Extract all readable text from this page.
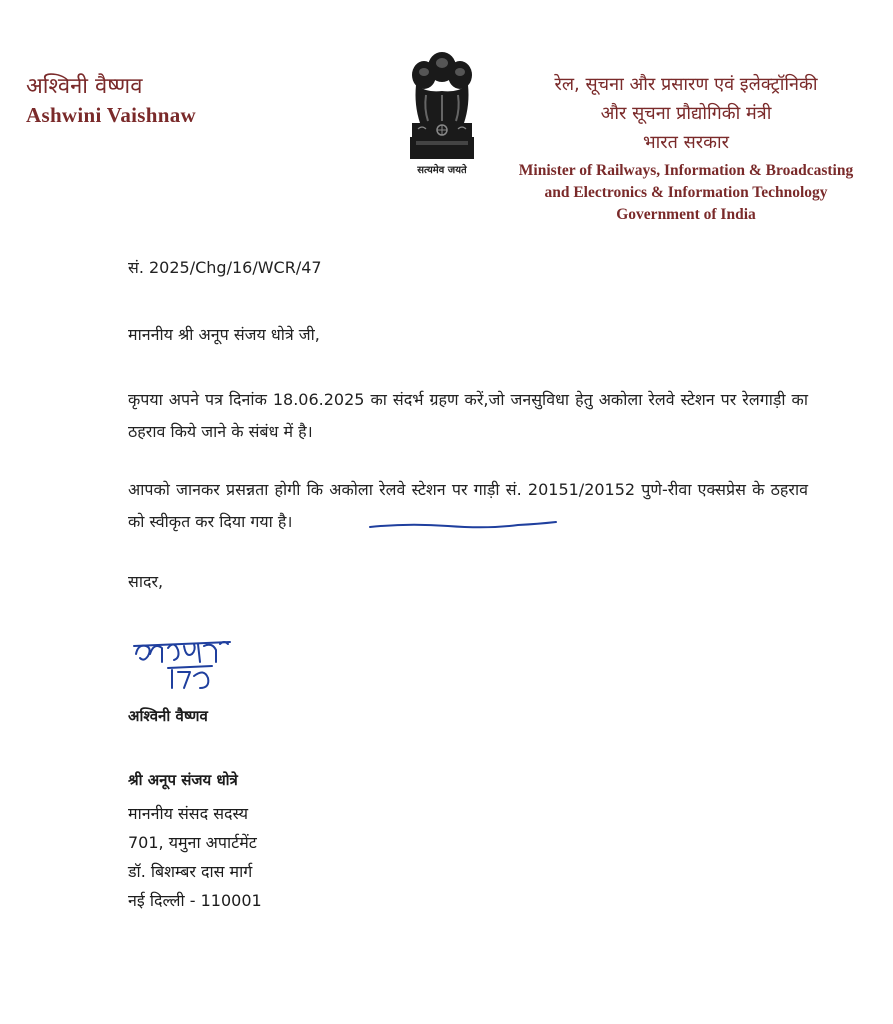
अश्विनी वैष्णव
Ashwini Vaishnaw
सत्यमेव जयते
रेल, सूचना और प्रसारण एवं इलेक्ट्रॉनिकी
और सूचना प्रौद्योगिकी मंत्री
भारत सरकार
Minister of Railways, Information & Broadcasting
and Electronics & Information Technology
Government of India
सं. 2025/Chg/16/WCR/47
माननीय श्री अनूप संजय धोत्रे जी,
कृपया अपने पत्र दिनांक 18.06.2025 का संदर्भ ग्रहण करें,जो जनसुविधा हेतु अकोला रेलवे स्टेशन पर रेलगाड़ी का ठहराव किये जाने के संबंध में है।
आपको जानकर प्रसन्नता होगी कि अकोला रेलवे स्टेशन पर गाड़ी सं. 20151/20152 पुणे-रीवा एक्सप्रेस के ठहराव को स्वीकृत कर दिया गया है।
सादर,
अश्विनी वैष्णव
श्री अनूप संजय धोत्रे
माननीय संसद सदस्य
701, यमुना अपार्टमेंट
डॉ. बिशम्बर दास मार्ग
नई दिल्ली - 110001
